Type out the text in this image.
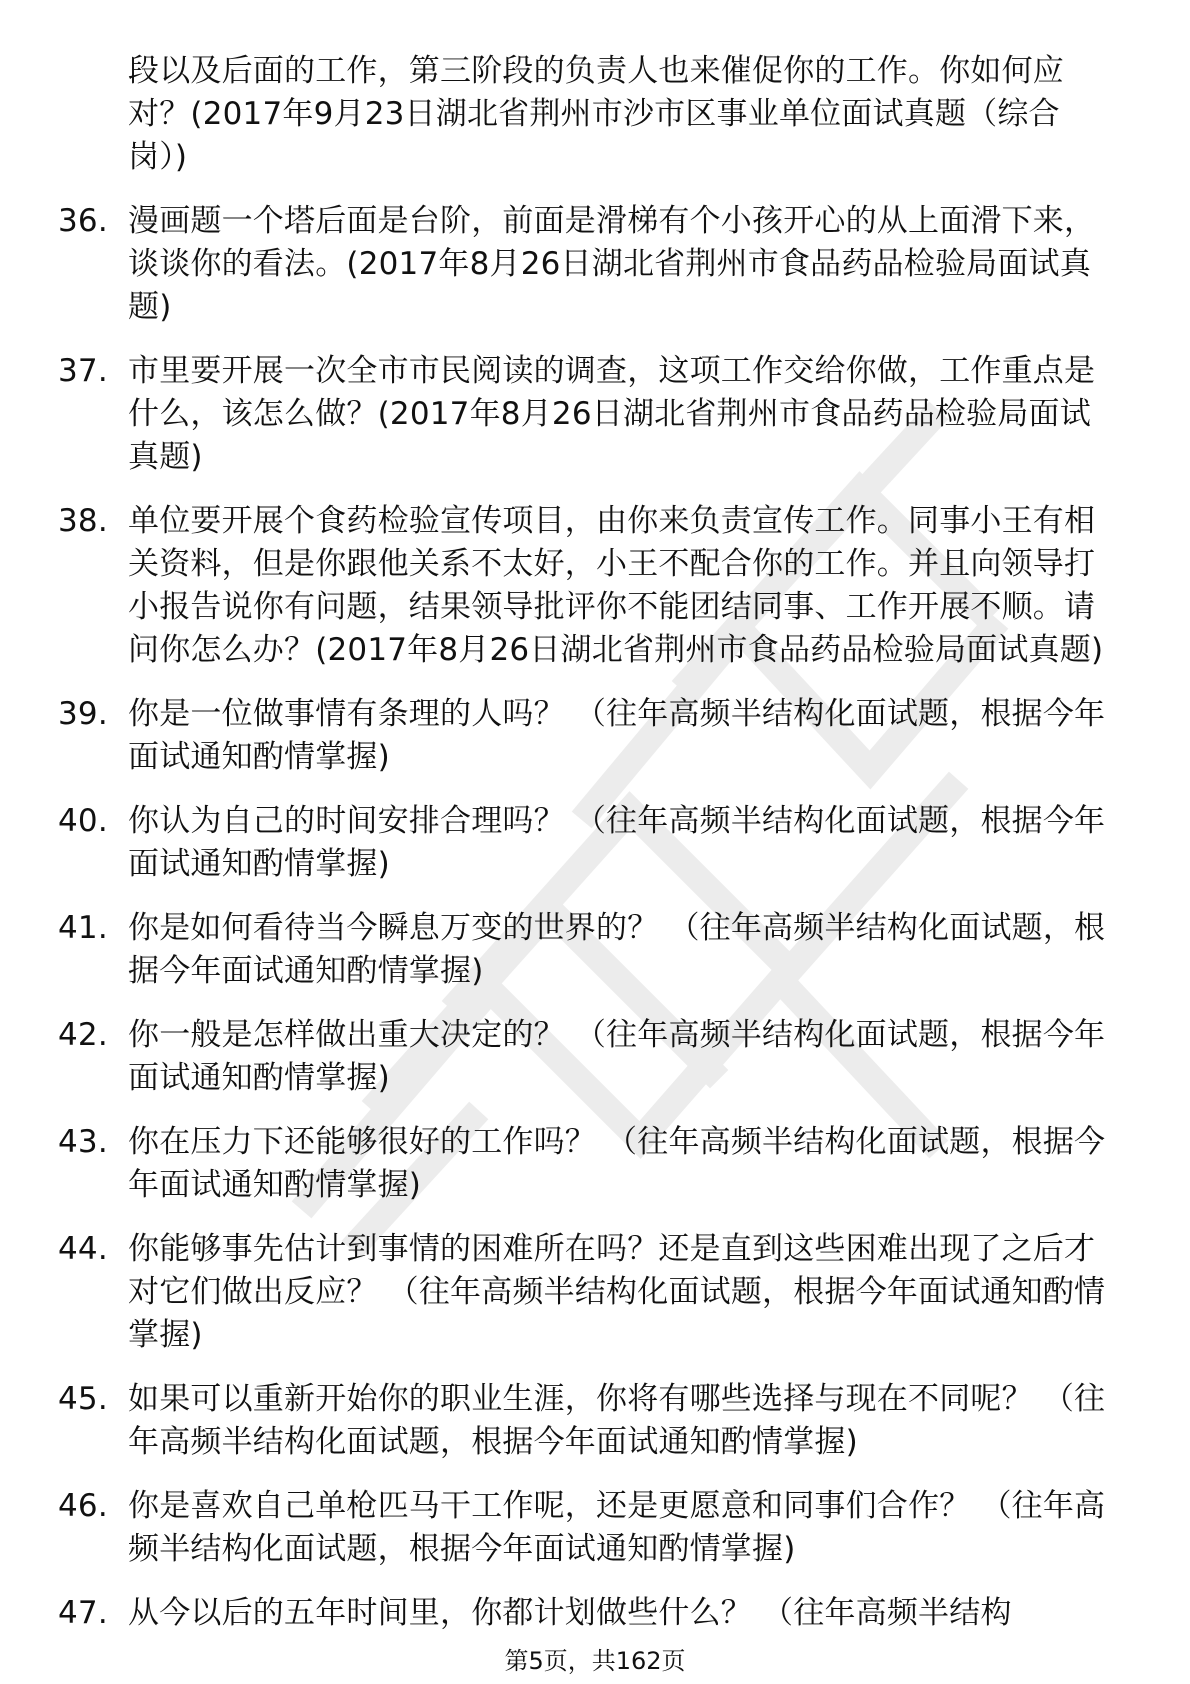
段以及后面的工作，第三阶段的负责人也来催促你的工作。你如何应对？(2017年9月23日湖北省荆州市沙市区事业单位面试真题（综合岗）)
36. 漫画题一个塔后面是台阶，前面是滑梯有个小孩开心的从上面滑下来，谈谈你的看法。(2017年8月26日湖北省荆州市食品药品检验局面试真题)
37. 市里要开展一次全市市民阅读的调查，这项工作交给你做，工作重点是什么，该怎么做？(2017年8月26日湖北省荆州市食品药品检验局面试真题)
38. 单位要开展个食药检验宣传项目，由你来负责宣传工作。同事小王有相关资料，但是你跟他关系不太好，小王不配合你的工作。并且向领导打小报告说你有问题，结果领导批评你不能团结同事、工作开展不顺。请问你怎么办？(2017年8月26日湖北省荆州市食品药品检验局面试真题)
39. 你是一位做事情有条理的人吗？ （往年高频半结构化面试题，根据今年面试通知酌情掌握)
40. 你认为自己的时间安排合理吗？ （往年高频半结构化面试题，根据今年面试通知酌情掌握)
41. 你是如何看待当今瞬息万变的世界的？ （往年高频半结构化面试题，根据今年面试通知酌情掌握)
42. 你一般是怎样做出重大决定的？ （往年高频半结构化面试题，根据今年面试通知酌情掌握)
43. 你在压力下还能够很好的工作吗？ （往年高频半结构化面试题，根据今年面试通知酌情掌握)
44. 你能够事先估计到事情的困难所在吗？还是直到这些困难出现了之后才对它们做出反应？ （往年高频半结构化面试题，根据今年面试通知酌情掌握)
45. 如果可以重新开始你的职业生涯，你将有哪些选择与现在不同呢？ （往年高频半结构化面试题，根据今年面试通知酌情掌握)
46. 你是喜欢自己单枪匹马干工作呢，还是更愿意和同事们合作？ （往年高频半结构化面试题，根据今年面试通知酌情掌握)
47. 从今以后的五年时间里，你都计划做些什么？ （往年高频半结构
第5页，共162页
